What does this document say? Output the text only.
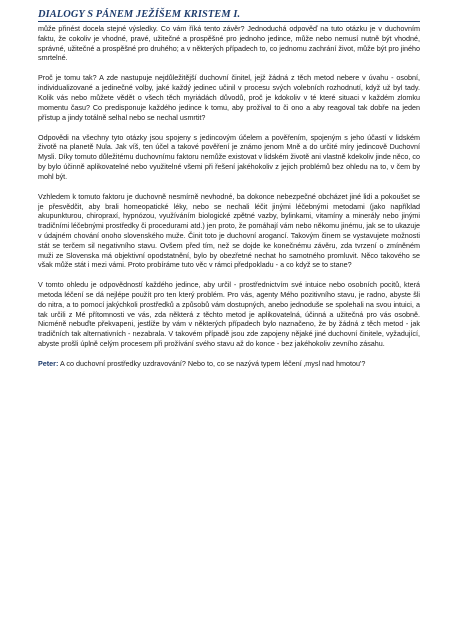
DIALOGY S PÁNEM JEŽÍŠEM KRISTEM I.

může přinést docela stejné výsledky. Co vám říká tento závěr? Jednoduchá odpověď na tuto otázku je v duchovním faktu, že cokoliv je vhodné, pravé, užitečné a prospěšné pro jednoho jedince, může nebo nemusí nutně být vhodné, správné, užitečné a prospěšné pro druhého; a v některých případech to, co jednomu zachrání život, může být pro jiného smrtelné.

Proč je tomu tak? A zde nastupuje nejdůležitější duchovní činitel, jejž žádná z těch metod nebere v úvahu - osobní, individualizované a jedinečné volby, jaké každý jedinec učinil v procesu svých volebních rozhodnutí, když už byl tady. Kolik vás nebo můžete vědět o všech těch myriádách důvodů, proč je kdokoliv v té které situaci v každém zlomku momentu času? Co predisponuje každého jedince k tomu, aby prožíval to či ono a aby reagoval tak dobře na jeden přístup a jindy totálně selhal nebo se nechal usmrtit?

Odpovědi na všechny tyto otázky jsou spojeny s jedincovým účelem a pověřením, spojeným s jeho účastí v lidském životě na planetě Nula. Jak víš, ten účel a takové pověření je známo jenom Mně a do určité míry jedincově Duchovní Mysli. Díky tomuto důležitému duchovnímu faktoru nemůže existovat v lidském životě ani vlastně kdekoliv jinde něco, co by bylo účinně aplikovatelné nebo využitelné všemi při řešení jakéhokoliv z jejich problémů bez ohledu na to, v čem by mohl být.

Vzhledem k tomuto faktoru je duchovně nesmírně nevhodné, ba dokonce nebezpečné obcházet jiné lidi a pokoušet se je přesvědčit, aby brali homeopatické léky, nebo se nechali léčit jinými léčebnými metodami (jako například akupunkturou, chiropraxí, hypnózou, využíváním biologické zpětné vazby, bylinkami, vitamíny a minerály nebo jinými tradičními léčebnými prostředky či procedurami atd.) jen proto, že pomáhají vám nebo někomu jinému, jak se to ukazuje v údajném chování onoho slovenského muže. Činit toto je duchovní arogancí. Takovým činem se vystavujete možnosti stát se terčem sil negativního stavu. Ovšem před tím, než se dojde ke konečnému závěru, zda tvrzení o zmíněném muži ze Slovenska má objektivní opodstatnění, bylo by obezřetné nechat ho samotného promluvit. Něco takového se však může stát i mezi vámi. Proto probíráme tuto věc v rámci předpokladu - a co když se to stane?

V tomto ohledu je odpovědností každého jedince, aby určil - prostřednictvím své intuice nebo osobních pocitů, která metoda léčení se dá nejlépe použít pro ten který problém. Pro vás, agenty Mého pozitivního stavu, je radno, abyste šli do nitra, a to pomocí jakýchkoli prostředků a způsobů vám dostupných, anebo jednoduše se spolehali na svou intuici, a tak určili z Mé přítomnosti ve vás, zda některá z těchto metod je aplikovatelná, účinná a užitečná pro vás osobně. Nicméně nebuďte překvapeni, jestliže by vám v některých případech bylo naznačeno, že by žádná z těch metod - jak tradičních tak alternativních - nezabrala. V takovém případě jsou zde zapojeny nějaké jiné duchovní činitele, vyžadující, abyste prošli úplně celým procesem při prožívání svého stavu až do konce - bez jakéhokoliv zevního zásahu.

Peter: A co duchovní prostředky uzdravování? Nebo to, co se nazývá typem léčení ‚mysl nad hmotou'?
